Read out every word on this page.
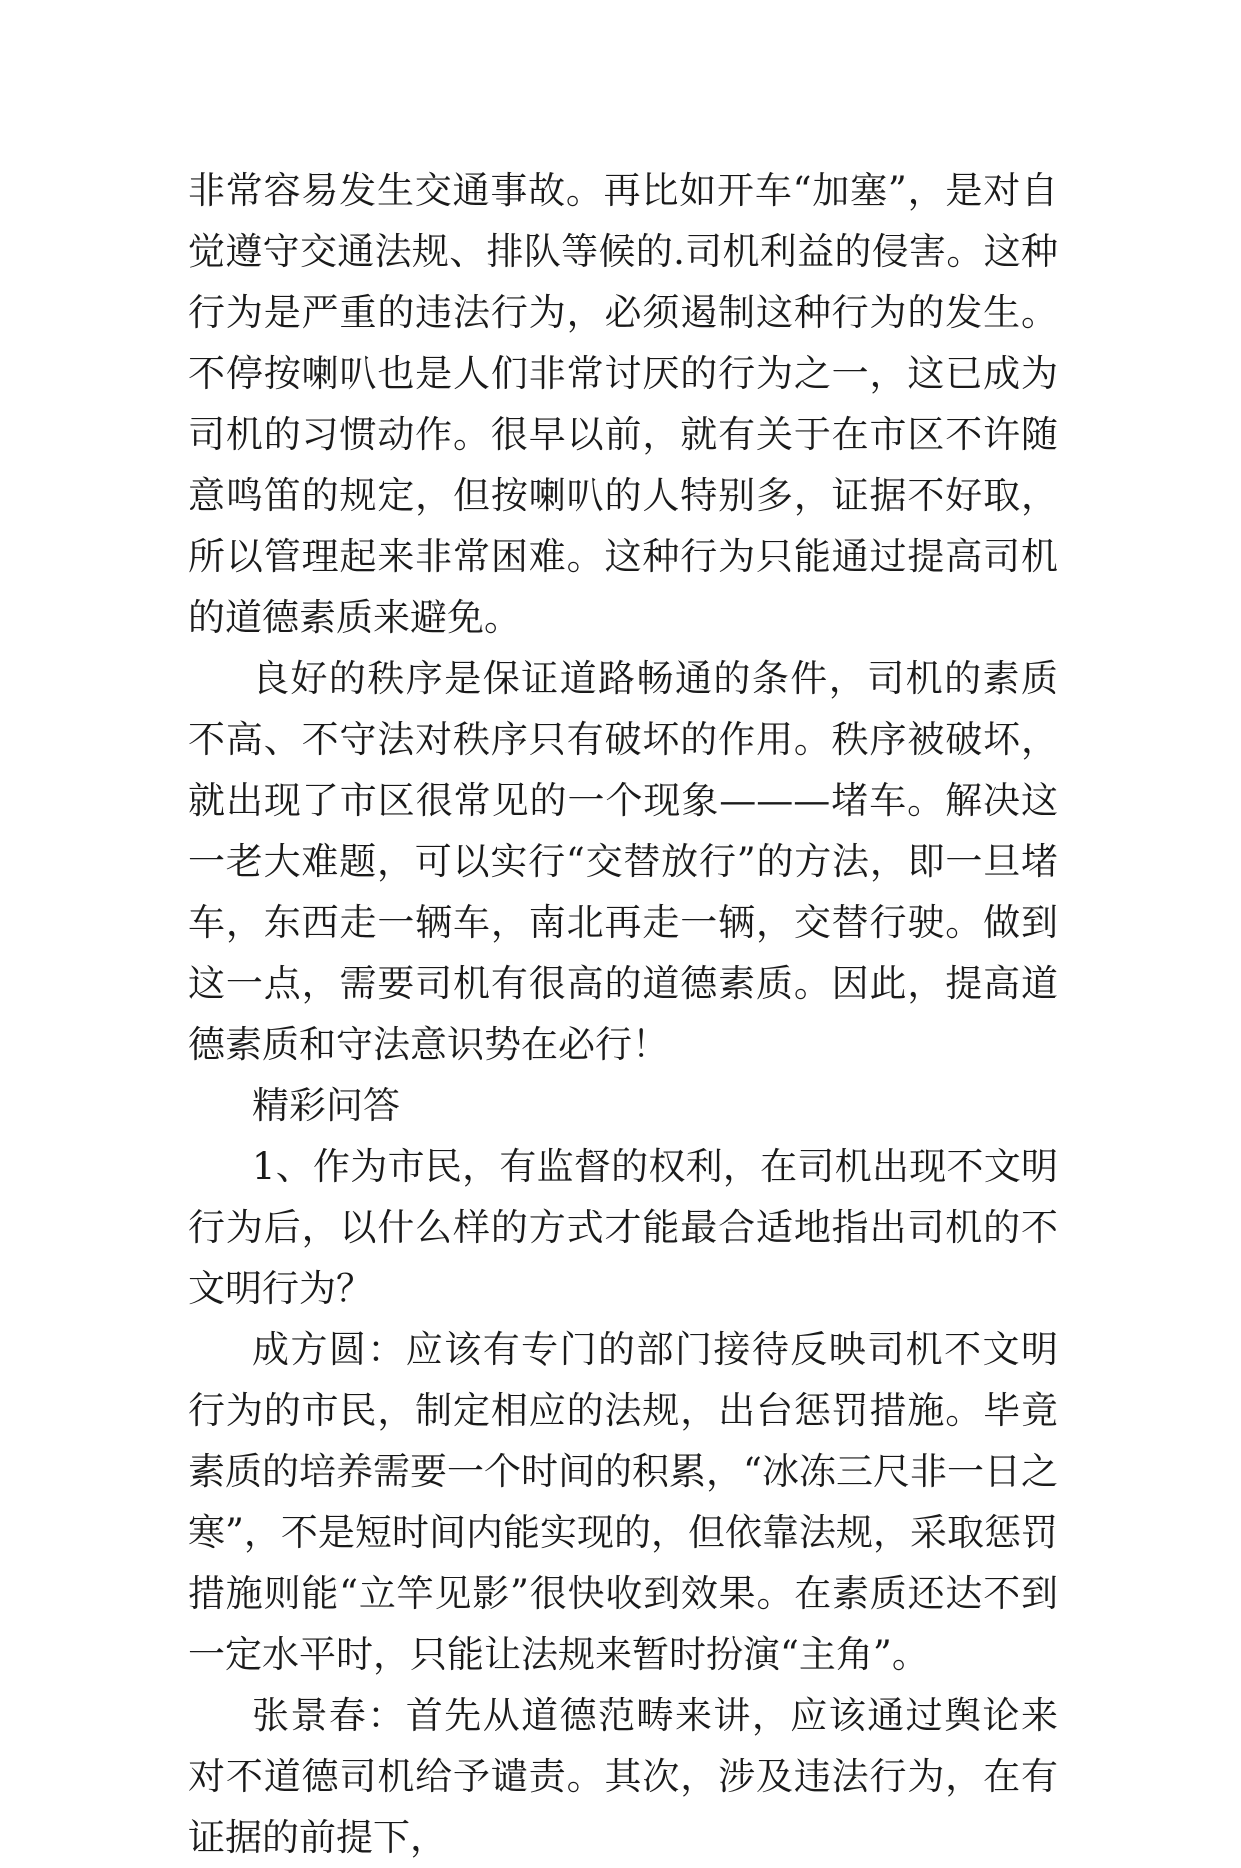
非常容易发生交通事故。再比如开车“加塞”，是对自觉遵守交通法规、排队等候的.司机利益的侵害。这种行为是严重的违法行为，必须遏制这种行为的发生。不停按喇叭也是人们非常讨厌的行为之一，这已成为司机的习惯动作。很早以前，就有关于在市区不许随意鸣笛的规定，但按喇叭的人特别多，证据不好取，所以管理起来非常困难。这种行为只能通过提高司机的道德素质来避免。

良好的秩序是保证道路畅通的条件，司机的素质不高、不守法对秩序只有破坏的作用。秩序被破坏，就出现了市区很常见的一个现象———堵车。解决这一老大难题，可以实行“交替放行”的方法，即一旦堵车，东西走一辆车，南北再走一辆，交替行驶。做到这一点，需要司机有很高的道德素质。因此，提高道德素质和守法意识势在必行！

精彩问答

1、作为市民，有监督的权利，在司机出现不文明行为后，以什么样的方式才能最合适地指出司机的不文明行为？

成方圆：应该有专门的部门接待反映司机不文明行为的市民，制定相应的法规，出台惩罚措施。毕竟素质的培养需要一个时间的积累，“冰冻三尺非一日之寒”，不是短时间内能实现的，但依靠法规，采取惩罚措施则能“立竿见影”很快收到效果。在素质还达不到一定水平时，只能让法规来暂时扮演“主角”。

张景春：首先从道德范畴来讲，应该通过舆论来对不道德司机给予谴责。其次，涉及违法行为，在有证据的前提下，
